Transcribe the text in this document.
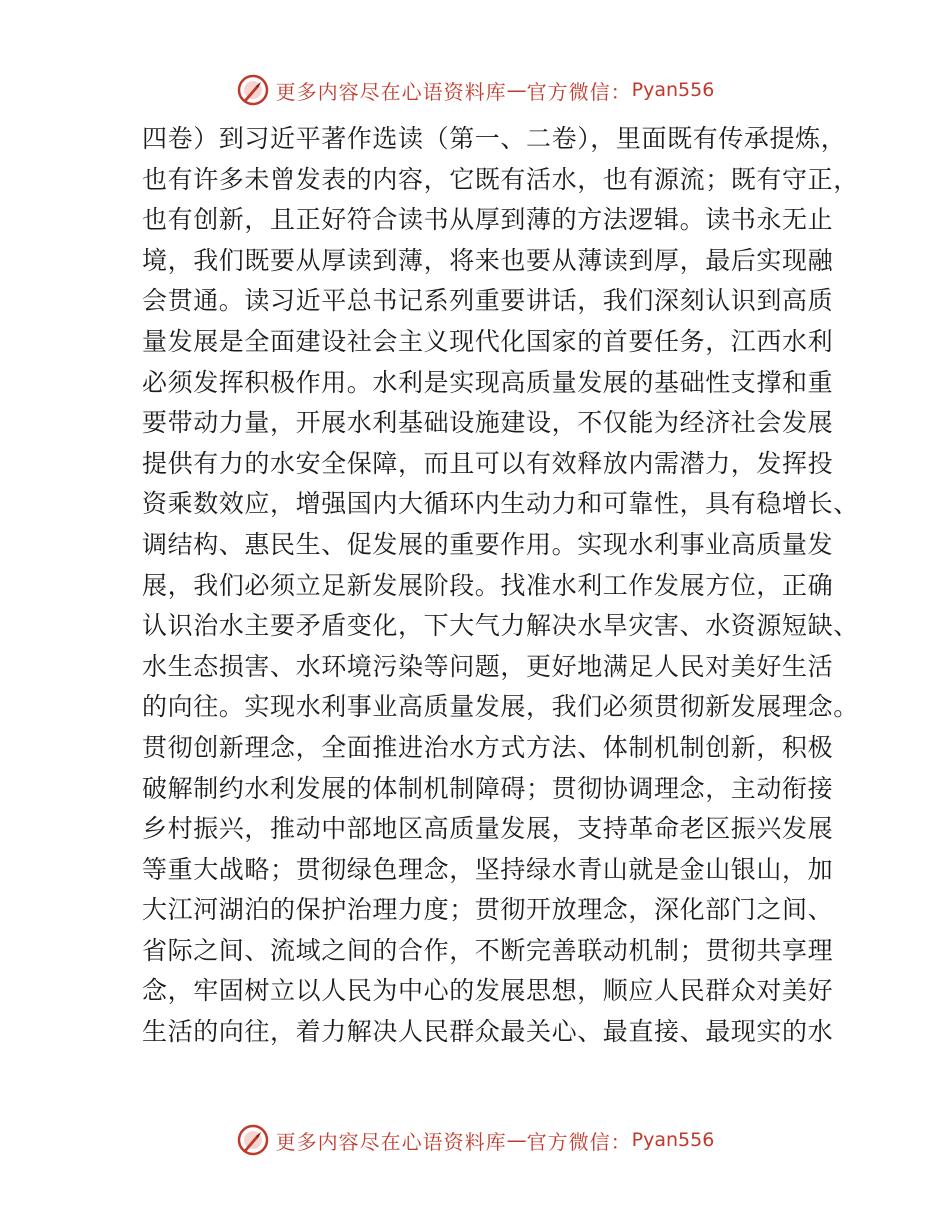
更多内容尽在心语资料库 — 官方微信： Pyan556
四卷）到习近平著作选读（第一、二卷），里面既有传承提炼，
也有许多未曾发表的内容，它既有活水，也有源流；既有守正，
也有创新，且正好符合读书从厚到薄的方法逻辑。读书永无止
境，我们既要从厚读到薄，将来也要从薄读到厚，最后实现融
会贯通。读习近平总书记系列重要讲话，我们深刻认识到高质
量发展是全面建设社会主义现代化国家的首要任务，江西水利
必须发挥积极作用。水利是实现高质量发展的基础性支撑和重
要带动力量，开展水利基础设施建设，不仅能为经济社会发展
提供有力的水安全保障，而且可以有效释放内需潜力，发挥投
资乘数效应，增强国内大循环内生动力和可靠性，具有稳增长、
调结构、惠民生、促发展的重要作用。实现水利事业高质量发
展，我们必须立足新发展阶段。找准水利工作发展方位，正确
认识治水主要矛盾变化，下大气力解决水旱灾害、水资源短缺、
水生态损害、水环境污染等问题，更好地满足人民对美好生活
的向往。实现水利事业高质量发展，我们必须贯彻新发展理念。
贯彻创新理念，全面推进治水方式方法、体制机制创新，积极
破解制约水利发展的体制机制障碍；贯彻协调理念，主动衔接
乡村振兴，推动中部地区高质量发展，支持革命老区振兴发展
等重大战略；贯彻绿色理念，坚持绿水青山就是金山银山，加
大江河湖泊的保护治理力度；贯彻开放理念，深化部门之间、
省际之间、流域之间的合作，不断完善联动机制；贯彻共享理
念，牢固树立以人民为中心的发展思想，顺应人民群众对美好
生活的向往，着力解决人民群众最关心、最直接、最现实的水
更多内容尽在心语资料库 — 官方微信： Pyan556
